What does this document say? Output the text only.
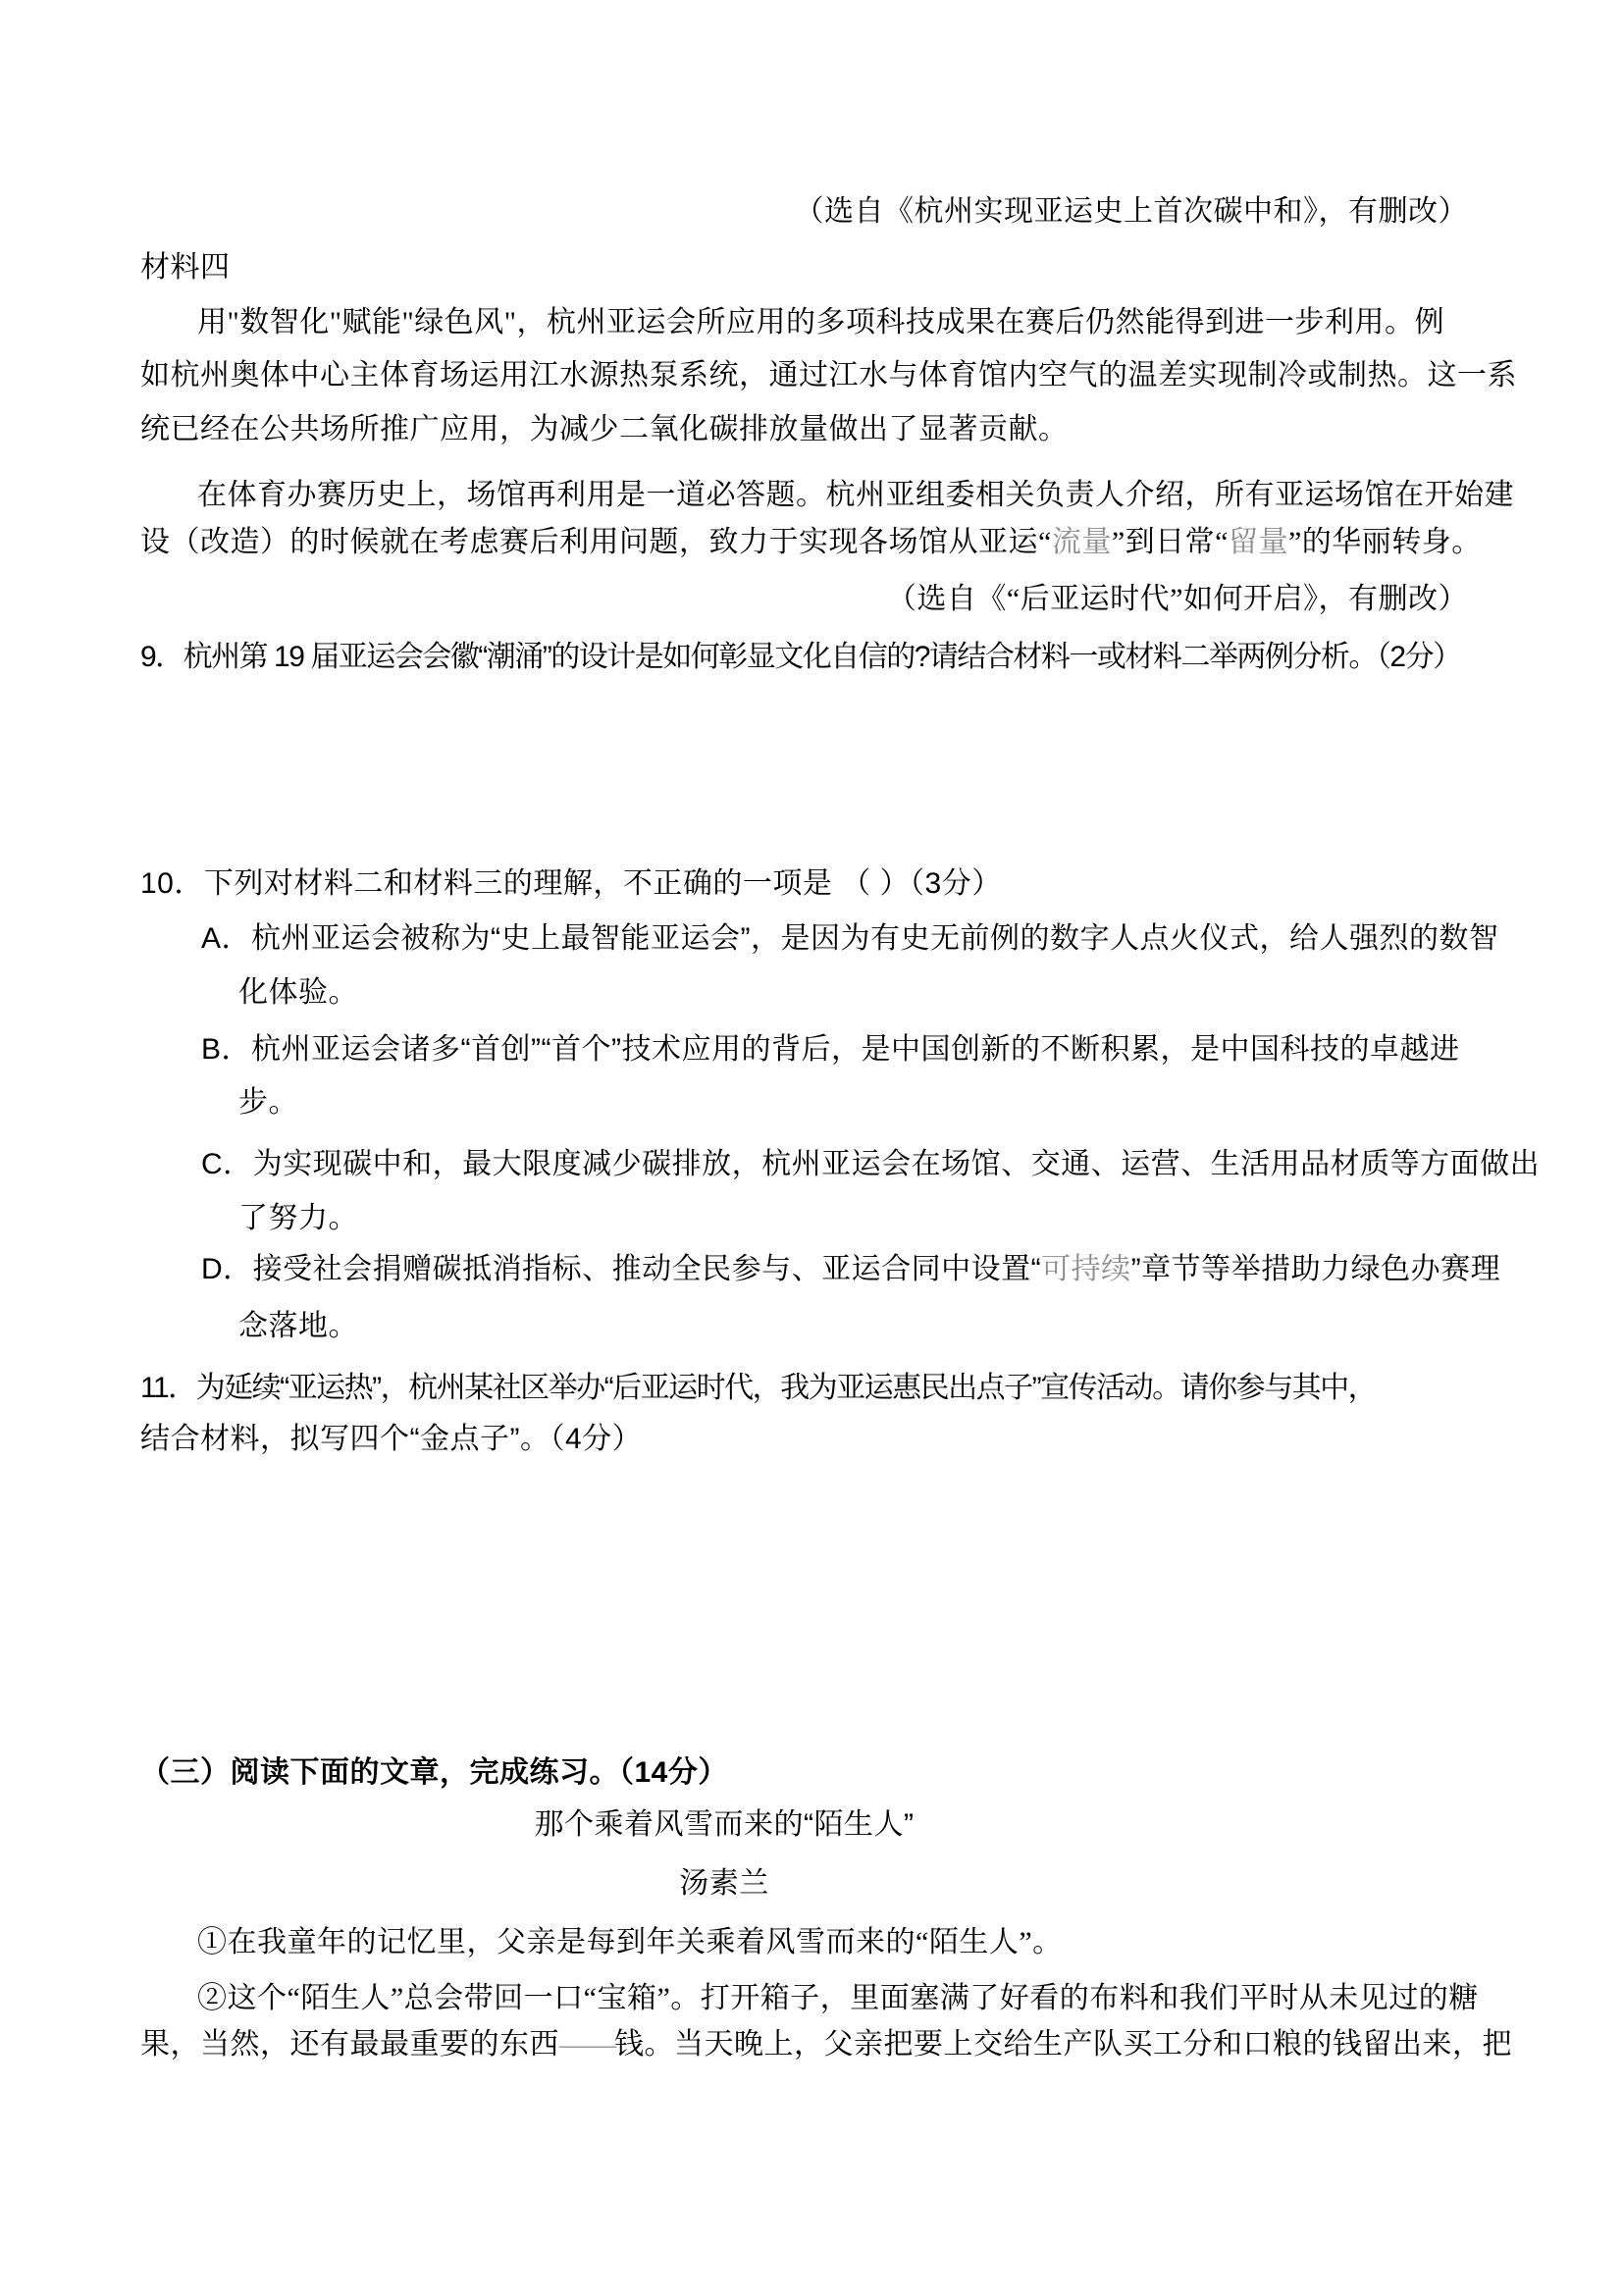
（选自《杭州实现亚运史上首次碳中和》，有删改）
材料四
用"数智化"赋能"绿色风"，杭州亚运会所应用的多项科技成果在赛后仍然能得到进一步利用。例
如杭州奥体中心主体育场运用江水源热泵系统，通过江水与体育馆内空气的温差实现制冷或制热。这一系
统已经在公共场所推广应用，为减少二氧化碳排放量做出了显著贡献。
在体育办赛历史上，场馆再利用是一道必答题。杭州亚组委相关负责人介绍，所有亚运场馆在开始建
设（改造）的时候就在考虑赛后利用问题，致力于实现各场馆从亚运“流量”到日常“留量”的华丽转身。
（选自《“后亚运时代”如何开启》，有删改）
9．杭州第 19 届亚运会会徽“潮涌”的设计是如何彰显文化自信的?请结合材料一或材料二举两例分析。（2分）
10．下列对材料二和材料三的理解，不正确的一项是 （ ）（3分）
A．杭州亚运会被称为“史上最智能亚运会”，是因为有史无前例的数字人点火仪式，给人强烈的数智
化体验。
B．杭州亚运会诸多“首创”“首个”技术应用的背后，是中国创新的不断积累，是中国科技的卓越进
步。
C．为实现碳中和，最大限度减少碳排放，杭州亚运会在场馆、交通、运营、生活用品材质等方面做出
了努力。
D．接受社会捐赠碳抵消指标、推动全民参与、亚运合同中设置“可持续”章节等举措助力绿色办赛理
念落地。
11．为延续“亚运热”，杭州某社区举办“后亚运时代，我为亚运惠民出点子”宣传活动。请你参与其中，
结合材料，拟写四个“金点子”。（4分）
（三）阅读下面的文章，完成练习。（14分）
那个乘着风雪而来的“陌生人”
汤素兰
①在我童年的记忆里，父亲是每到年关乘着风雪而来的“陌生人”。
②这个“陌生人”总会带回一口“宝箱”。打开箱子，里面塞满了好看的布料和我们平时从未见过的糖
果，当然，还有最最重要的东西——钱。当天晚上，父亲把要上交给生产队买工分和口粮的钱留出来，把
